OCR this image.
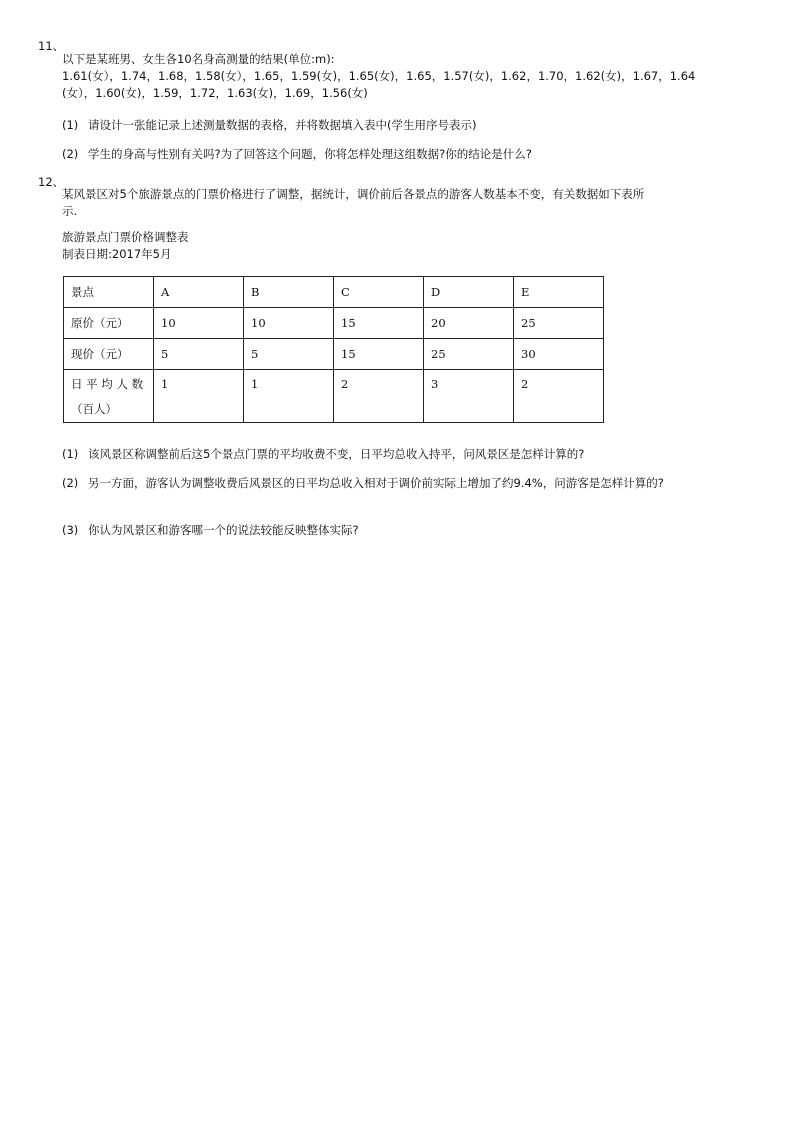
11、
以下是某班男、女生各10名身高测量的结果(单位:m):
1.61(女），1.74，1.68，1.58(女），1.65，1.59(女)，1.65(女)，1.65，1.57(女)，1.62，1.70，1.62(女)，1.67，1.64
(女），1.60(女)，1.59，1.72，1.63(女)，1.69，1.56(女)
(1) 请设计一张能记录上述测量数据的表格，并将数据填入表中(学生用序号表示)
(2) 学生的身高与性别有关吗?为了回答这个问题，你将怎样处理这组数据?你的结论是什么?
12、
某风景区对5个旅游景点的门票价格进行了调整，据统计，调价前后各景点的游客人数基本不变，有关数据如下表所
示.
旅游景点门票价格调整表
制表日期:2017年5月
景点	A	B	C	D	E
原价（元）	10	10	15	20	25
现价（元）	5	5	15	25	30

日 平 均 人 数
（百人）	1	1	2	3	2
(1) 该风景区称调整前后这5个景点门票的平均收费不变，日平均总收入持平，问风景区是怎样计算的?
(2) 另一方面，游客认为调整收费后风景区的日平均总收入相对于调价前实际上增加了约9.4%，问游客是怎样计算的?
(3) 你认为风景区和游客哪一个的说法较能反映整体实际?
